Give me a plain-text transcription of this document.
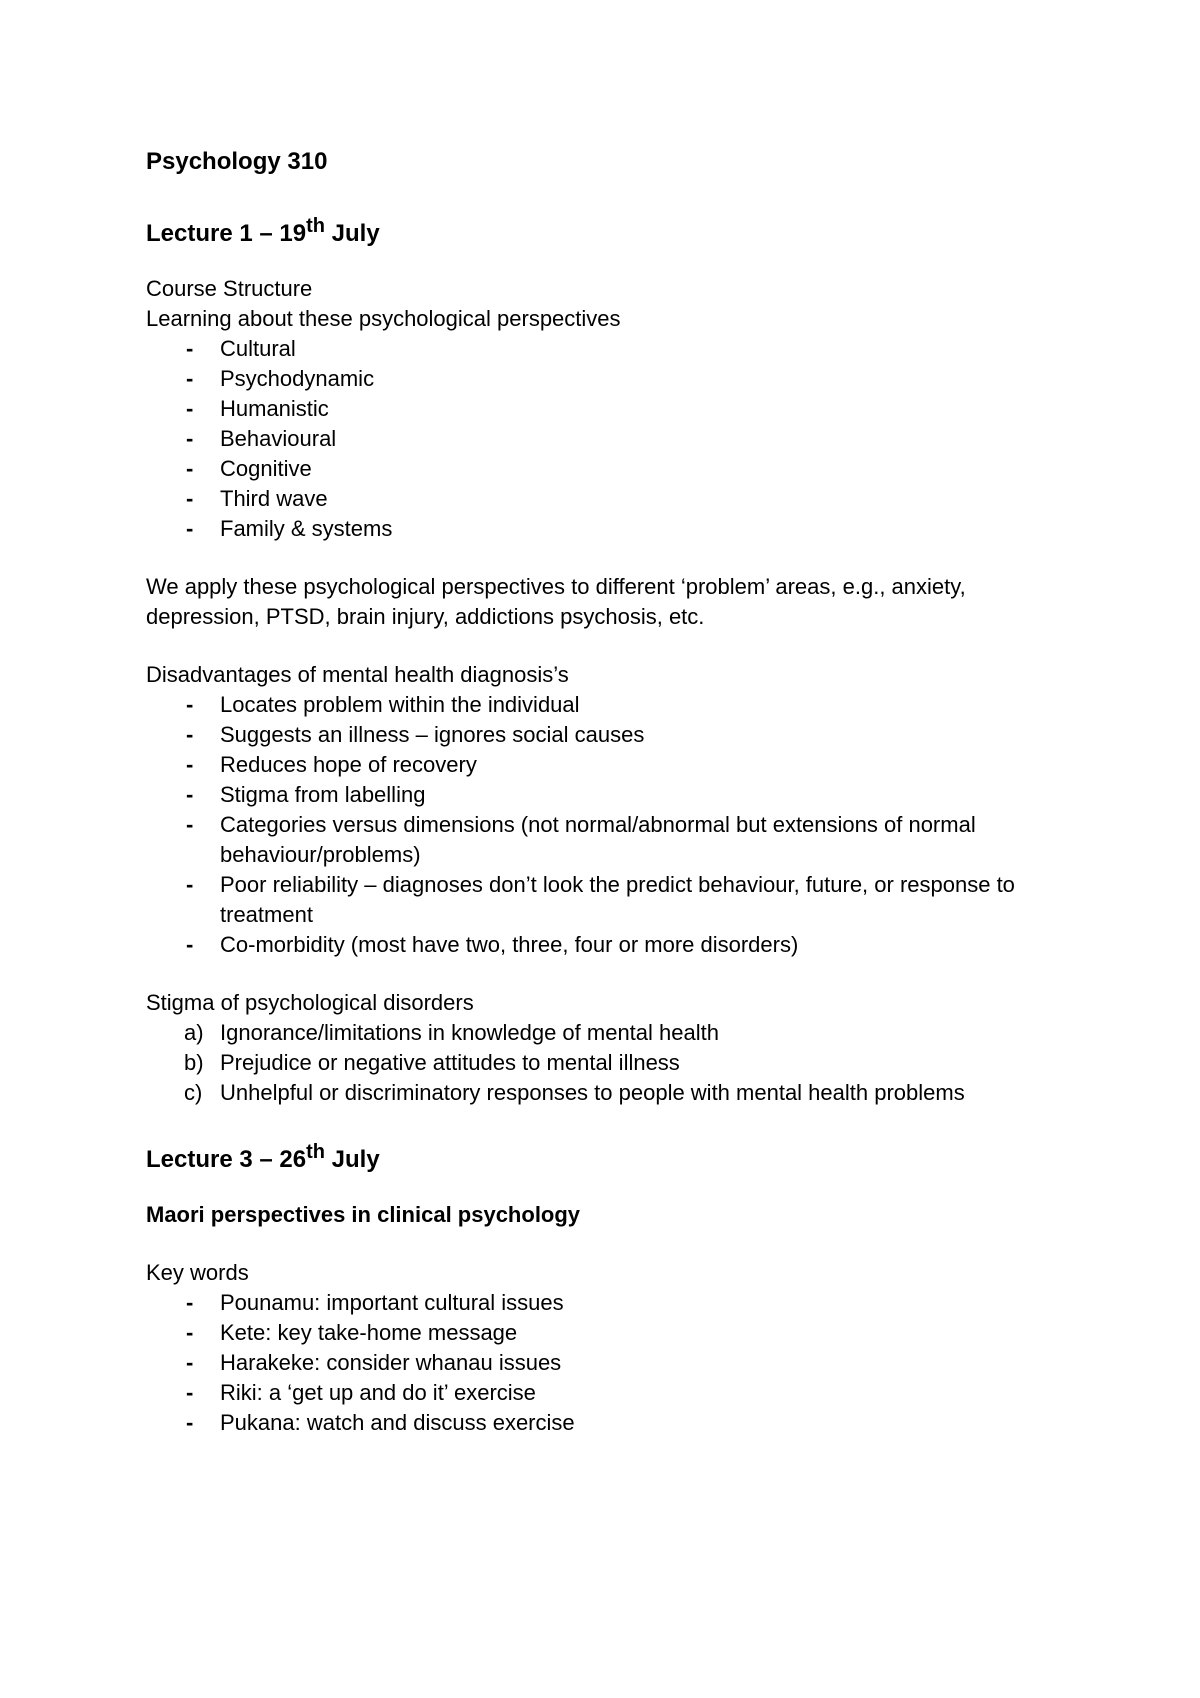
Psychology 310

Lecture 1 – 19th July

Course Structure

Learning about these psychological perspectives

- Cultural
- Psychodynamic
- Humanistic
- Behavioural
- Cognitive
- Third wave
- Family & systems

We apply these psychological perspectives to different ‘problem’ areas, e.g., anxiety,

depression, PTSD, brain injury, addictions psychosis, etc.

Disadvantages of mental health diagnosis’s

- Locates problem within the individual
- Suggests an illness – ignores social causes
- Reduces hope of recovery
- Stigma from labelling
- Categories versus dimensions (not normal/abnormal but extensions of normal behaviour/problems)
- Poor reliability – diagnoses don’t look the predict behaviour, future, or response to treatment
- Co-morbidity (most have two, three, four or more disorders)

Stigma of psychological disorders

a) Ignorance/limitations in knowledge of mental health
b) Prejudice or negative attitudes to mental illness
c) Unhelpful or discriminatory responses to people with mental health problems

Lecture 3 – 26th July

Maori perspectives in clinical psychology

Key words

- Pounamu: important cultural issues
- Kete: key take-home message
- Harakeke: consider whanau issues
- Riki: a ‘get up and do it’ exercise
- Pukana: watch and discuss exercise
